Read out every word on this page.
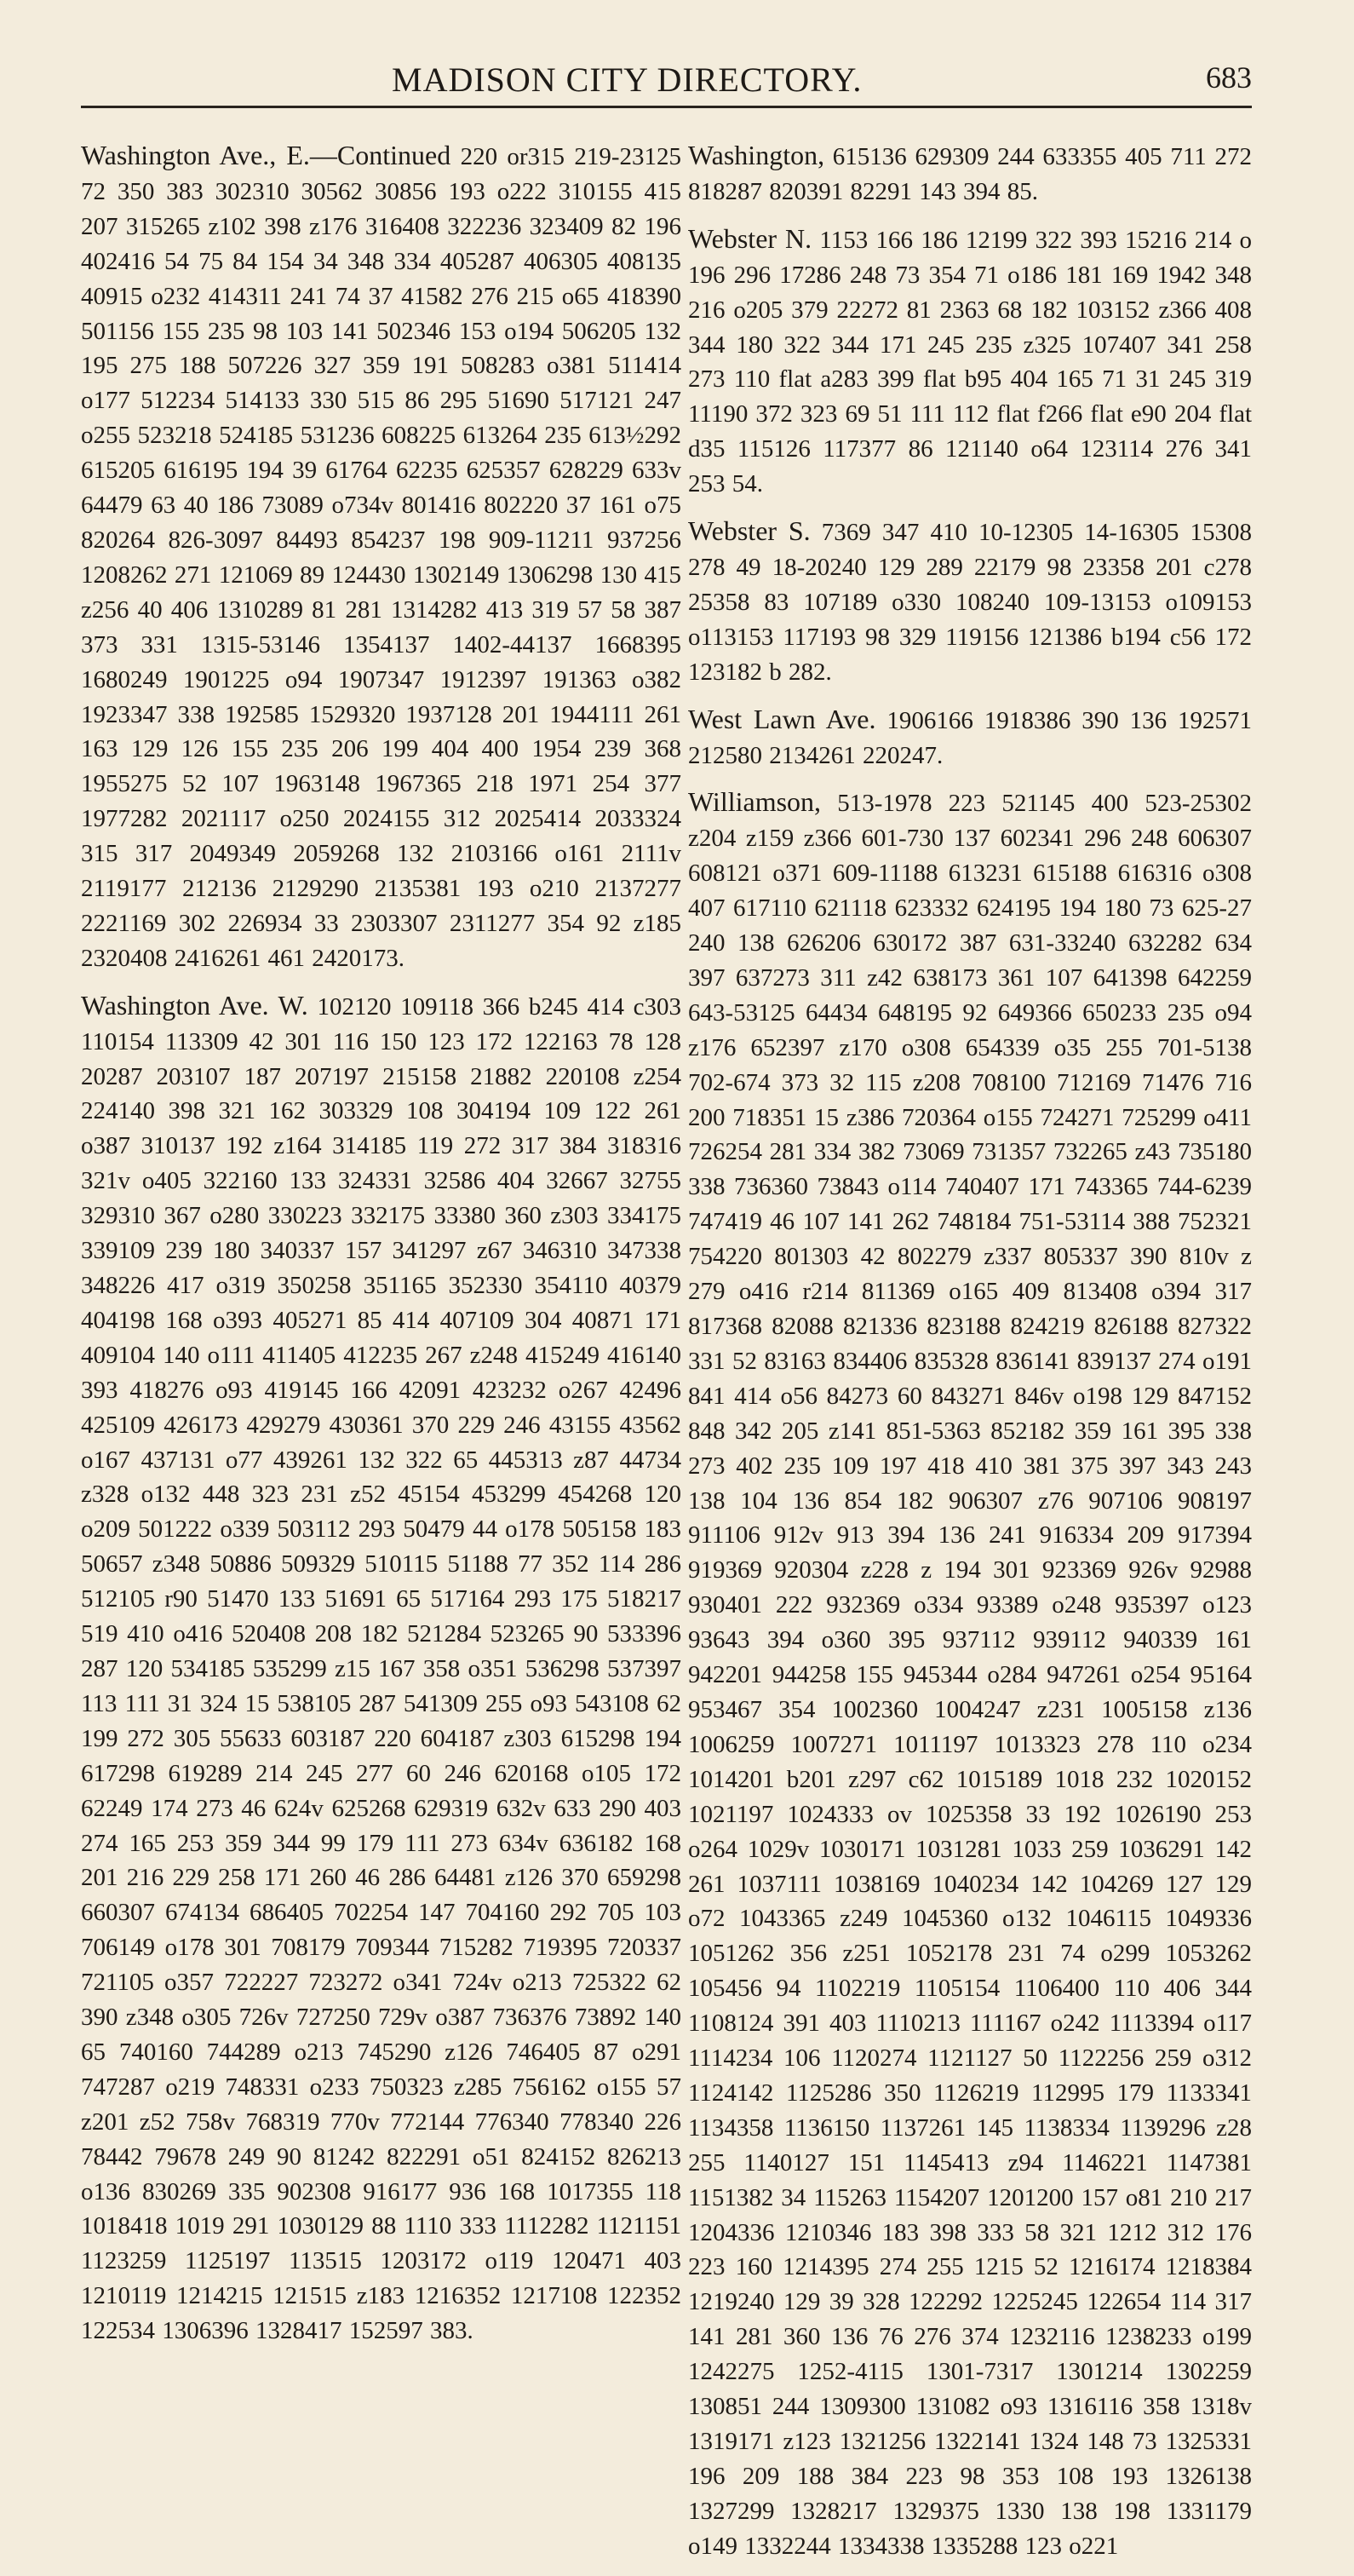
MADISON CITY DIRECTORY.	683
Washington Ave., E.—Continued 220 or315 219-23125 72 350 383 302310 30562 30856 193 o222 310155 415 207 315265 z102 398 z176 316408 322236 323409 82 196 402416 54 75 84 154 34 348 334 405287 406305 408135 40915 o232 414311 241 74 37 41582 276 215 o65 418390 501156 155 235 98 103 141 502346 153 o194 506205 132 195 275 188 507226 327 359 191 508283 o381 511414 o177 512234 514133 330 515 86 295 51690 517121 247 o255 523218 524185 531236 608225 613264 235 613½292 615205 616195 194 39 61764 62235 625357 628229 633v 64479 63 40 186 73089 o734v 801416 802220 37 161 o75 820264 826-3097 84493 854237 198 909-11211 937256 1208262 271 121069 89 124430 1302149 1306298 130 415 z256 40 406 1310289 81 281 1314282 413 319 57 58 387 373 331 1315-53146 1354137 1402-44137 1668395 1680249 1901225 o94 1907347 1912397 191363 o382 1923347 338 192585 1529320 1937128 201 1944111 261 163 129 126 155 235 206 199 404 400 1954 239 368 1955275 52 107 1963148 1967365 218 1971 254 377 1977282 2021117 o250 2024155 312 2025414 2033324 315 317 2049349 2059268 132 2103166 o161 2111v 2119177 212136 2129290 2135381 193 o210 2137277 2221169 302 226934 33 2303307 2311277 354 92 z185 2320408 2416261 461 2420173.
Washington Ave. W. 102120 109118 366 b245 414 c303 110154 113309 42 301 116 150 123 172 122163 78 128 20287 203107 187 207197 215158 21882 220108 z254 224140 398 321 162 303329 108 304194 109 122 261 o387 310137 192 z164 314185 119 272 317 384 318316 321v o405 322160 133 324331 32586 404 32667 32755 329310 367 o280 330223 332175 33380 360 z303 334175 339109 239 180 340337 157 341297 z67 346310 347338 348226 417 o319 350258 351165 352330 354110 40379 404198 168 o393 405271 85 414 407109 304 40871 171 409104 140 o111 411405 412235 267 z248 415249 416140 393 418276 o93 419145 166 42091 423232 o267 42496 425109 426173 429279 430361 370 229 246 43155 43562 o167 437131 o77 439261 132 322 65 445313 z87 44734 z328 o132 448 323 231 z52 45154 453299 454268 120 o209 501222 o339 503112 293 50479 44 o178 505158 183 50657 z348 50886 509329 510115 51188 77 352 114 286 512105 r90 51470 133 51691 65 517164 293 175 518217 519 410 o416 520408 208 182 521284 523265 90 533396 287 120 534185 535299 z15 167 358 o351 536298 537397 113 111 31 324 15 538105 287 541309 255 o93 543108 62 199 272 305 55633 603187 220 604187 z303 615298 194 617298 619289 214 245 277 60 246 620168 o105 172 62249 174 273 46 624v 625268 629319 632v 633 290 403 274 165 253 359 344 99 179 111 273 634v 636182 168 201 216 229 258 171 260 46 286 64481 z126 370 659298 660307 674134 686405 702254 147 704160 292 705 103 706149 o178 301 708179 709344 715282 719395 720337 721105 o357 722227 723272 o341 724v o213 725322 62 390 z348 o305 726v 727250 729v o387 736376 73892 140 65 740160 744289 o213 745290 z126 746405 87 o291 747287 o219 748331 o233 750323 z285 756162 o155 57 z201 z52 758v 768319 770v 772144 776340 778340 226 78442 79678 249 90 81242 822291 o51 824152 826213 o136 830269 335 902308 916177 936 168 1017355 118 1018418 1019 291 1030129 88 1110 333 1112282 1121151 1123259 1125197 113515 1203172 o119 120471 403 1210119 1214215 121515 z183 1216352 1217108 122352 122534 1306396 1328417 152597 383.
Washington, 615136 629309 244 633355 405 711 272 818287 820391 82291 143 394 85.
Webster N. 1153 166 186 12199 322 393 15216 214 o 196 296 17286 248 73 354 71 o186 181 169 1942 348 216 o205 379 22272 81 2363 68 182 103152 z366 408 344 180 322 344 171 245 235 z325 107407 341 258 273 110 flat a283 399 flat b95 404 165 71 31 245 319 11190 372 323 69 51 111 112 flat f266 flat e90 204 flat d35 115126 117377 86 121140 o64 123114 276 341 253 54.
Webster S. 7369 347 410 10-12305 14-16305 15308 278 49 18-20240 129 289 22179 98 23358 201 c278 25358 83 107189 o330 108240 109-13153 o109153 o113153 117193 98 329 119156 121386 b194 c56 172 123182 b 282.
West Lawn Ave. 1906166 1918386 390 136 192571 212580 2134261 220247.
Williamson, 513-1978 223 521145 400 523-25302 z204 z159 z366 601-730 137 602341 296 248 606307 608121 o371 609-11188 613231 615188 616316 o308 407 617110 621118 623332 624195 194 180 73 625-27 240 138 626206 630172 387 631-33240 632282 634 397 637273 311 z42 638173 361 107 641398 642259 643-53125 64434 648195 92 649366 650233 235 o94 z176 652397 z170 o308 654339 o35 255 701-5138 702-674 373 32 115 z208 708100 712169 71476 716 200 718351 15 z386 720364 o155 724271 725299 o411 726254 281 334 382 73069 731357 732265 z43 735180 338 736360 73843 o114 740407 171 743365 744-6239 747419 46 107 141 262 748184 751-53114 388 752321 754220 801303 42 802279 z337 805337 390 810v z 279 o416 r214 811369 o165 409 813408 o394 317 817368 82088 821336 823188 824219 826188 827322 331 52 83163 834406 835328 836141 839137 274 o191 841 414 o56 84273 60 843271 846v o198 129 847152 848 342 205 z141 851-5363 852182 359 161 395 338 273 402 235 109 197 418 410 381 375 397 343 243 138 104 136 854 182 906307 z76 907106 908197 911106 912v 913 394 136 241 916334 209 917394 919369 920304 z228 z 194 301 923369 926v 92988 930401 222 932369 o334 93389 o248 935397 o123 93643 394 o360 395 937112 939112 940339 161 942201 944258 155 945344 o284 947261 o254 95164 953467 354 1002360 1004247 z231 1005158 z136 1006259 1007271 1011197 1013323 278 110 o234 1014201 b201 z297 c62 1015189 1018 232 1020152 1021197 1024333 ov 1025358 33 192 1026190 253 o264 1029v 1030171 1031281 1033 259 1036291 142 261 1037111 1038169 1040234 142 104269 127 129 o72 1043365 z249 1045360 o132 1046115 1049336 1051262 356 z251 1052178 231 74 o299 1053262 105456 94 1102219 1105154 1106400 110 406 344 1108124 391 403 1110213 111167 o242 1113394 o117 1114234 106 1120274 1121127 50 1122256 259 o312 1124142 1125286 350 1126219 112995 179 1133341 1134358 1136150 1137261 145 1138334 1139296 z28 255 1140127 151 1145413 z94 1146221 1147381 1151382 34 115263 1154207 1201200 157 o81 210 217 1204336 1210346 183 398 333 58 321 1212 312 176 223 160 1214395 274 255 1215 52 1216174 1218384 1219240 129 39 328 122292 1225245 122654 114 317 141 281 360 136 76 276 374 1232116 1238233 o199 1242275 1252-4115 1301-7317 1301214 1302259 130851 244 1309300 131082 o93 1316116 358 1318v 1319171 z123 1321256 1322141 1324 148 73 1325331 196 209 188 384 223 98 353 108 193 1326138 1327299 1328217 1329375 1330 138 198 1331179 o149 1332244 1334338 1335288 123 o221
